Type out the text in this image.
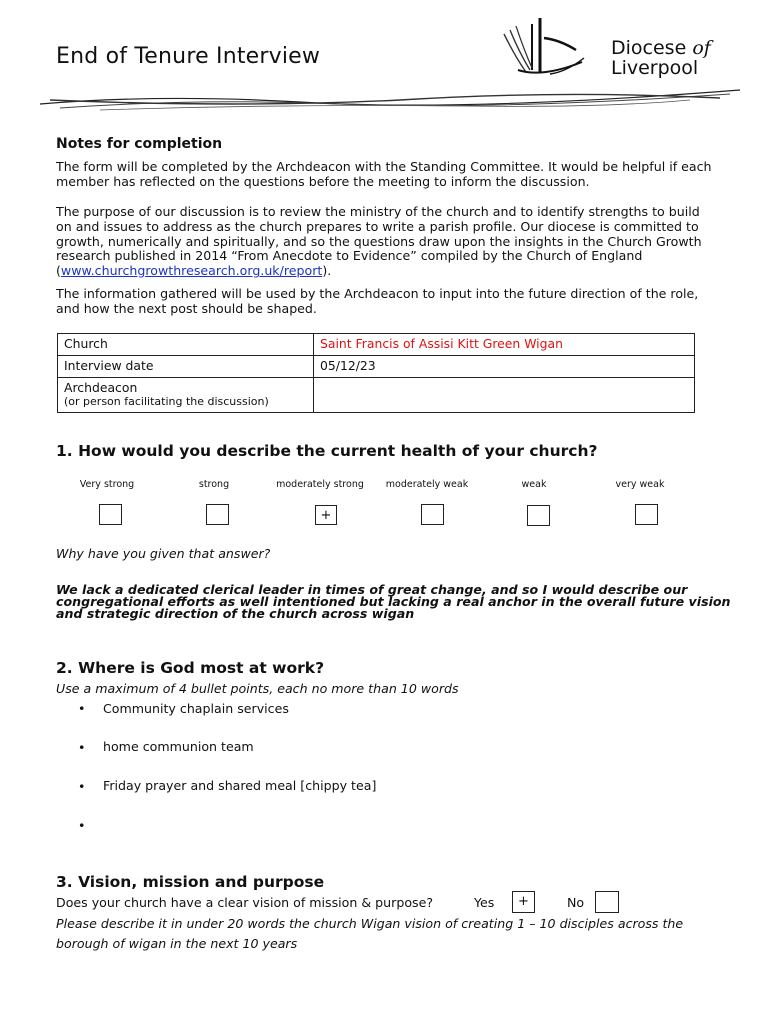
End of Tenure Interview	Diocese of
Liverpool
Notes for completion
The form will be completed by the Archdeacon with the Standing Committee. It would be helpful if each member has reflected on the questions before the meeting to inform the discussion.
The purpose of our discussion is to review the ministry of the church and to identify strengths to build on and issues to address as the church prepares to write a parish profile. Our diocese is committed to growth, numerically and spiritually, and so the questions draw upon the insights in the Church Growth research published in 2014 “From Anecdote to Evidence” compiled by the Church of England (www.churchgrowthresearch.org.uk/report).
The information gathered will be used by the Archdeacon to input into the future direction of the role, and how the next post should be shaped.
Church	Saint Francis of Assisi Kitt Green Wigan
Interview date	05/12/23

Archdeacon
(or person facilitating the discussion)	

1. How would you describe the current health of your church?
Very strong	strong	moderately strong	moderately weak	weak	very weak
+
Why have you given that answer?
We lack a dedicated clerical leader in times of great change, and so I would describe our congregational efforts as well intentioned but lacking a real anchor in the overall future vision and strategic direction of the church across wigan
2. Where is God most at work?
Use a maximum of 4 bullet points, each no more than 10 words
• Community chaplain services
• home communion team
• Friday prayer and shared meal [chippy tea]
•
3. Vision, mission and purpose
Does your church have a clear vision of mission & purpose?	Yes	+	No
Please describe it in under 20 words the church Wigan vision of creating 1 – 10 disciples across the borough of wigan in the next 10 years
